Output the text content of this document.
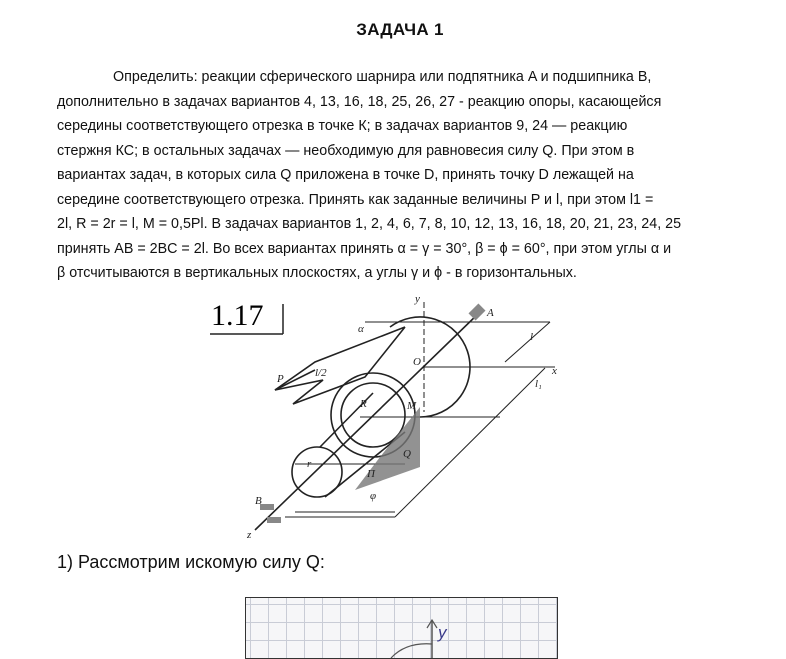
ЗАДАЧА 1
Определить: реакции сферического шарнира или подпятника A и подшипника B,
дополнительно в задачах вариантов 4, 13, 16, 18, 25, 26, 27 - реакцию опоры, касающейся
середины соответствующего отрезка в точке К; в задачах вариантов 9, 24 — реакцию
стержня КС; в остальных задачах — необходимую для равновесия силу Q. При этом в
вариантах задач, в которых сила Q приложена в точке D, принять точку D лежащей на
середине соответствующего отрезка. Принять как заданные величины P и l, при этом l1 =
2l, R = 2r = l, M = 0,5Pl. В задачах вариантов 1, 2, 4, 6, 7, 8, 10, 12, 13, 16, 18, 20, 21, 23, 24, 25
принять AB = 2BC = 2l. Во всех вариантах принять α = γ = 30°, β = ϕ = 60°, при этом углы α и
β отсчитываются в вертикальных плоскостях, а углы γ и ϕ - в горизонтальных.
1.17	y
x
z
A
B
O
P
Q
M
R
r
l
l₁
l/2
α
φ
П
1) Рассмотрим искомую силу Q:
y
